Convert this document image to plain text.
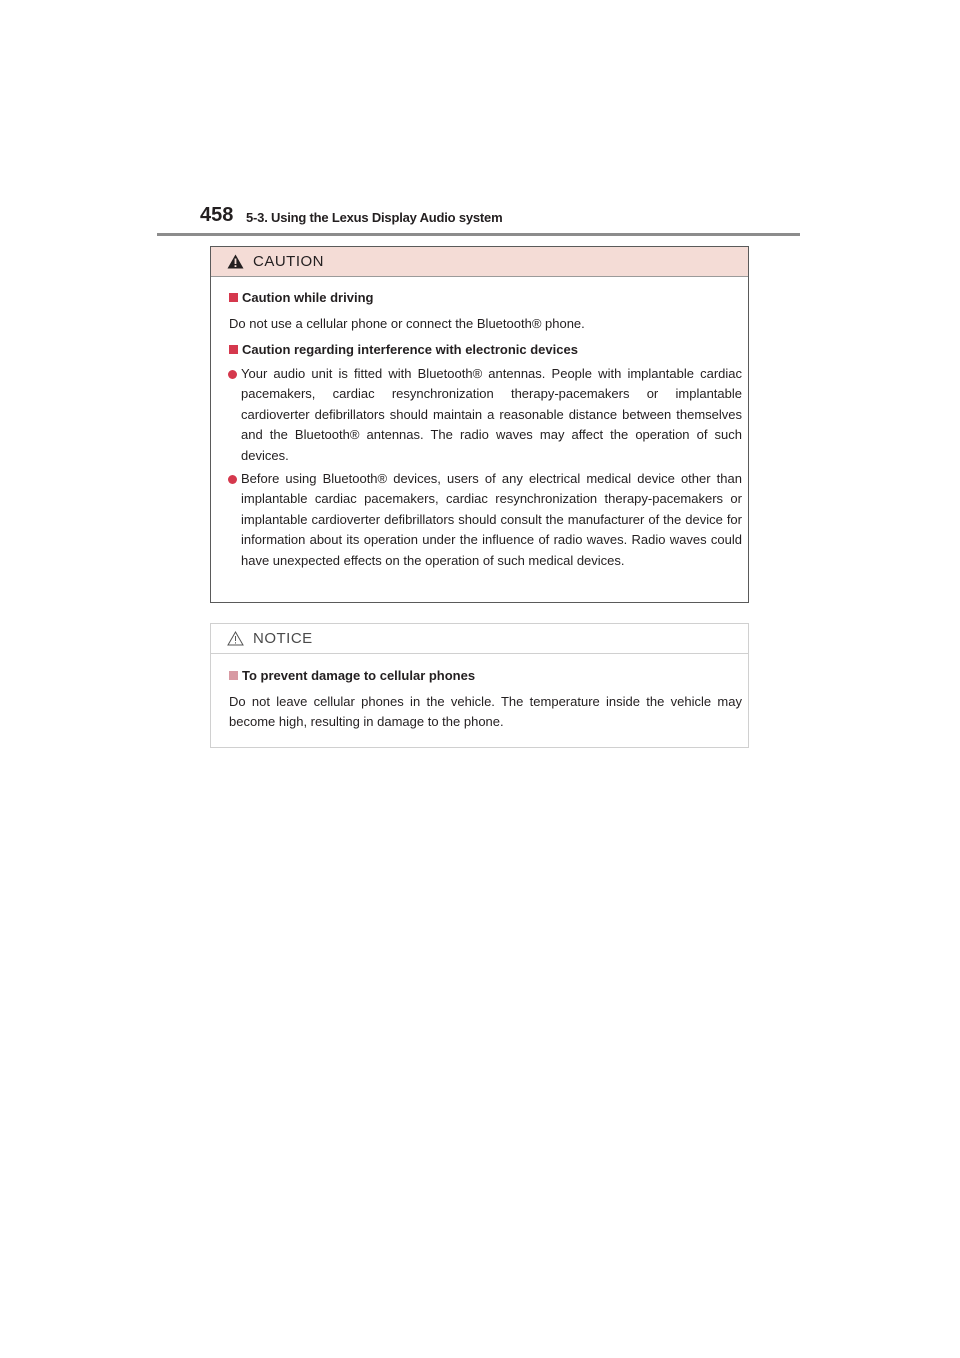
458 5-3. Using the Lexus Display Audio system
CAUTION
Caution while driving
Do not use a cellular phone or connect the Bluetooth® phone.
Caution regarding interference with electronic devices
Your audio unit is fitted with Bluetooth® antennas. People with implantable cardiac pacemakers, cardiac resynchronization therapy-pacemakers or implantable cardioverter defibrillators should maintain a reasonable distance between themselves and the Bluetooth® antennas. The radio waves may affect the operation of such devices.
Before using Bluetooth® devices, users of any electrical medical device other than implantable cardiac pacemakers, cardiac resynchronization therapy-pacemakers or implantable cardioverter defibrillators should consult the manufacturer of the device for information about its operation under the influence of radio waves. Radio waves could have unexpected effects on the operation of such medical devices.
NOTICE
To prevent damage to cellular phones
Do not leave cellular phones in the vehicle. The temperature inside the vehicle may become high, resulting in damage to the phone.
